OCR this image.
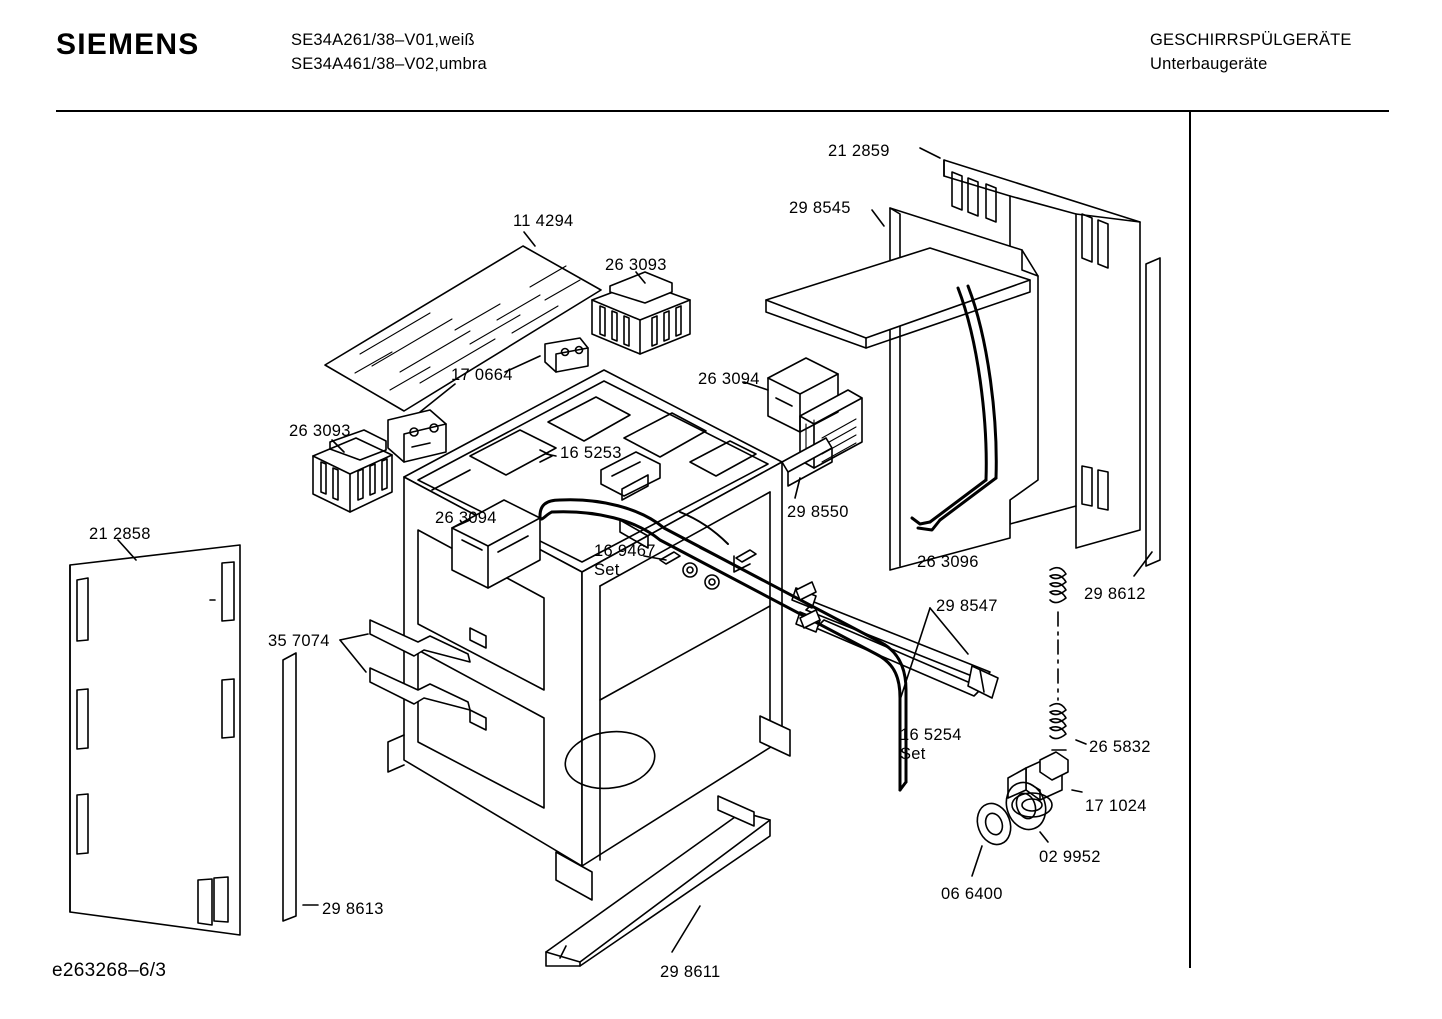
SIEMENS	SE34A261/38–V01,weiß
SE34A461/38–V02,umbra
GESCHIRRSPÜLGERÄTE
Unterbaugeräte
e263268–6/3
21 2859
29 8545
11 4294
26 3093
17 0664	26 3094
26 3093
16 5253
29 8550
26 3094
21 2858
16 9467
Set	26 3096
29 8612
29 8547
35 7074
16 5254
Set	26 5832
17 1024
02 9952
29 8613
06 6400
29 8611
